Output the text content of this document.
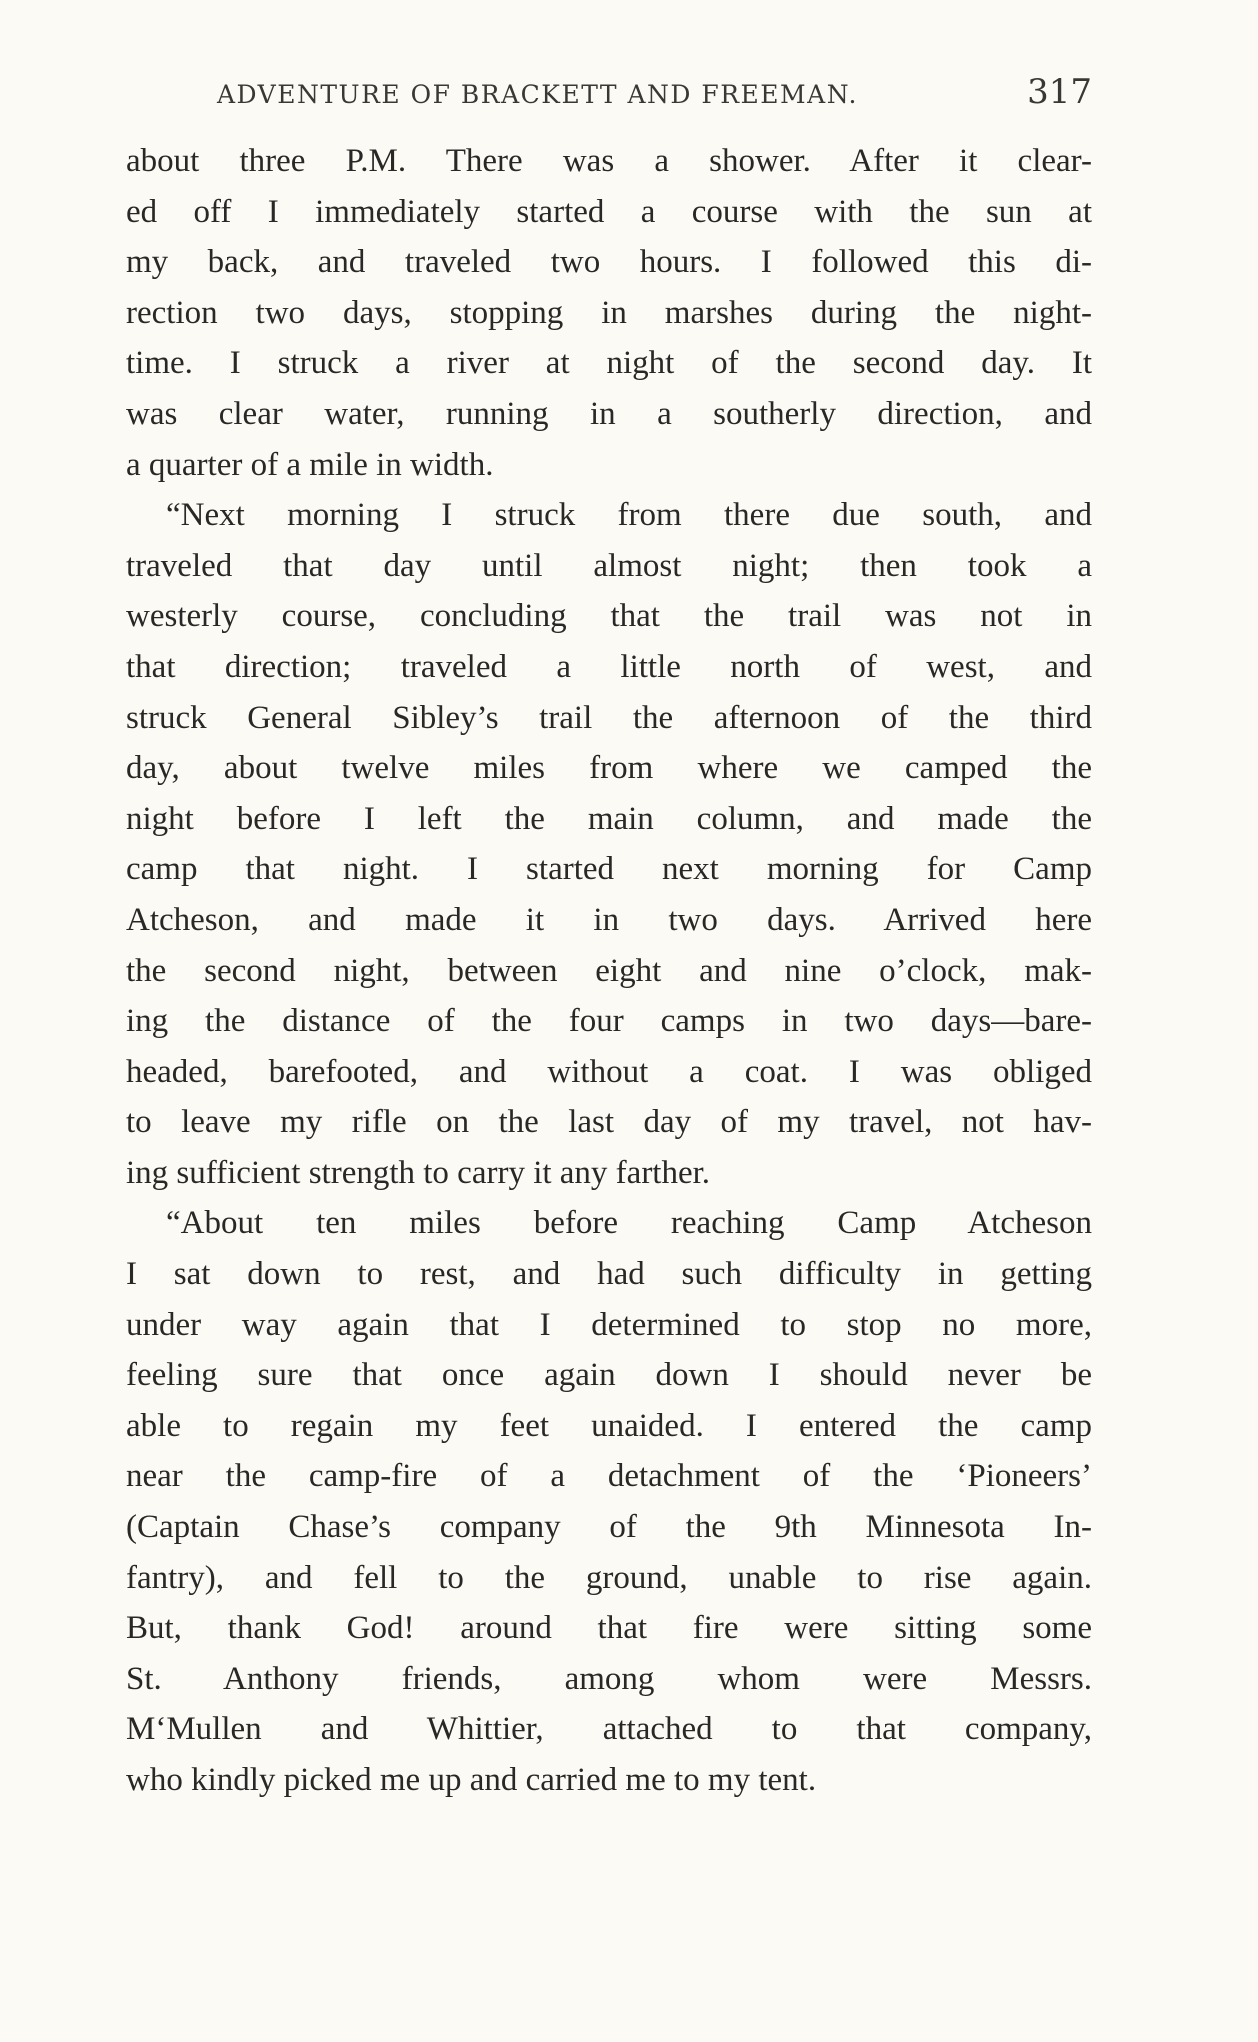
ADVENTURE OF BRACKETT AND FREEMAN.	317
about three P.M. There was a shower. After it clear-
ed off I immediately started a course with the sun at
my back, and traveled two hours. I followed this di-
rection two days, stopping in marshes during the night-
time. I struck a river at night of the second day. It
was clear water, running in a southerly direction, and
a quarter of a mile in width.
“Next morning I struck from there due south, and
traveled that day until almost night; then took a
westerly course, concluding that the trail was not in
that direction; traveled a little north of west, and
struck General Sibley’s trail the afternoon of the third
day, about twelve miles from where we camped the
night before I left the main column, and made the
camp that night. I started next morning for Camp
Atcheson, and made it in two days. Arrived here
the second night, between eight and nine o’clock, mak-
ing the distance of the four camps in two days—bare-
headed, barefooted, and without a coat. I was obliged
to leave my rifle on the last day of my travel, not hav-
ing sufficient strength to carry it any farther.
“About ten miles before reaching Camp Atcheson
I sat down to rest, and had such difficulty in getting
under way again that I determined to stop no more,
feeling sure that once again down I should never be
able to regain my feet unaided. I entered the camp
near the camp-fire of a detachment of the ‘Pioneers’
(Captain Chase’s company of the 9th Minnesota In-
fantry), and fell to the ground, unable to rise again.
But, thank God! around that fire were sitting some
St. Anthony friends, among whom were Messrs.
M‘Mullen and Whittier, attached to that company,
who kindly picked me up and carried me to my tent.
